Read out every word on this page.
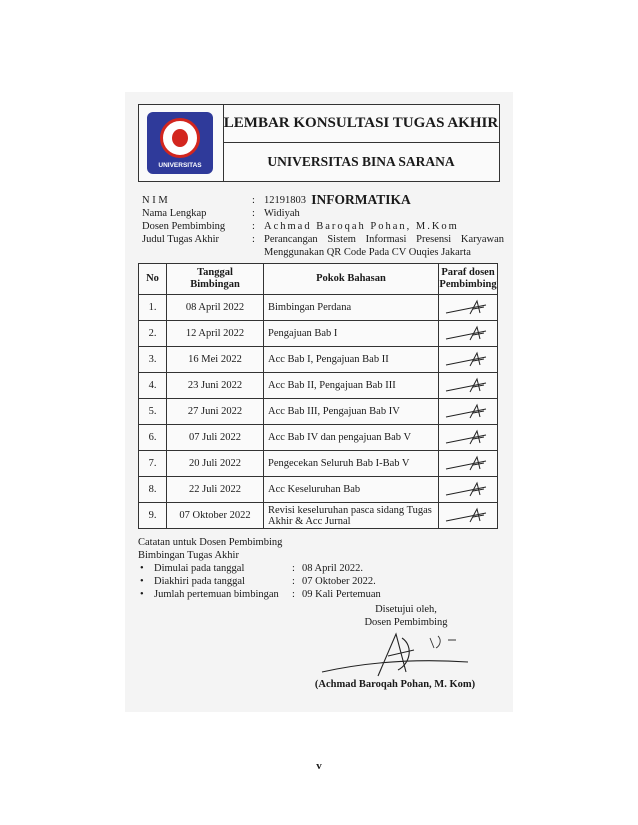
UNIVERSITAS
LEMBAR KONSULTASI TUGAS AKHIR
UNIVERSITAS BINA SARANA INFORMATIKA
N I M	: 12191803
Nama Lengkap	: Widiyah
Dosen Pembimbing	: Achmad Baroqah Pohan, M.Kom
Judul Tugas Akhir	: Perancangan Sistem Informasi Presensi Karyawan Menggunakan QR Code Pada CV Ouqies Jakarta
No	Tanggal Bimbingan	Pokok Bahasan	Paraf dosen Pembimbing
1.	08 April 2022	Bimbingan Perdana	

2.	12 April 2022	Pengajuan Bab I	

3.	16 Mei 2022	Acc Bab I, Pengajuan Bab II	

4.	23 Juni 2022	Acc Bab II, Pengajuan Bab III	

5.	27 Juni 2022	Acc Bab III, Pengajuan Bab IV	

6.	07 Juli 2022	Acc Bab IV dan pengajuan Bab V	

7.	20 Juli 2022	Pengecekan Seluruh Bab I-Bab V	

8.	22 Juli 2022	Acc Keseluruhan Bab	

9.	07 Oktober 2022	Revisi keseluruhan pasca sidang Tugas Akhir & Acc Jurnal	
Catatan untuk Dosen Pembimbing
Bimbingan Tugas Akhir
• Dimulai pada tanggal	: 08 April 2022.
• Diakhiri pada tanggal	: 07 Oktober 2022.
• Jumlah pertemuan bimbingan : 09 Kali Pertemuan
Disetujui oleh,
Dosen Pembimbing
(Achmad Baroqah Pohan, M. Kom)
v
